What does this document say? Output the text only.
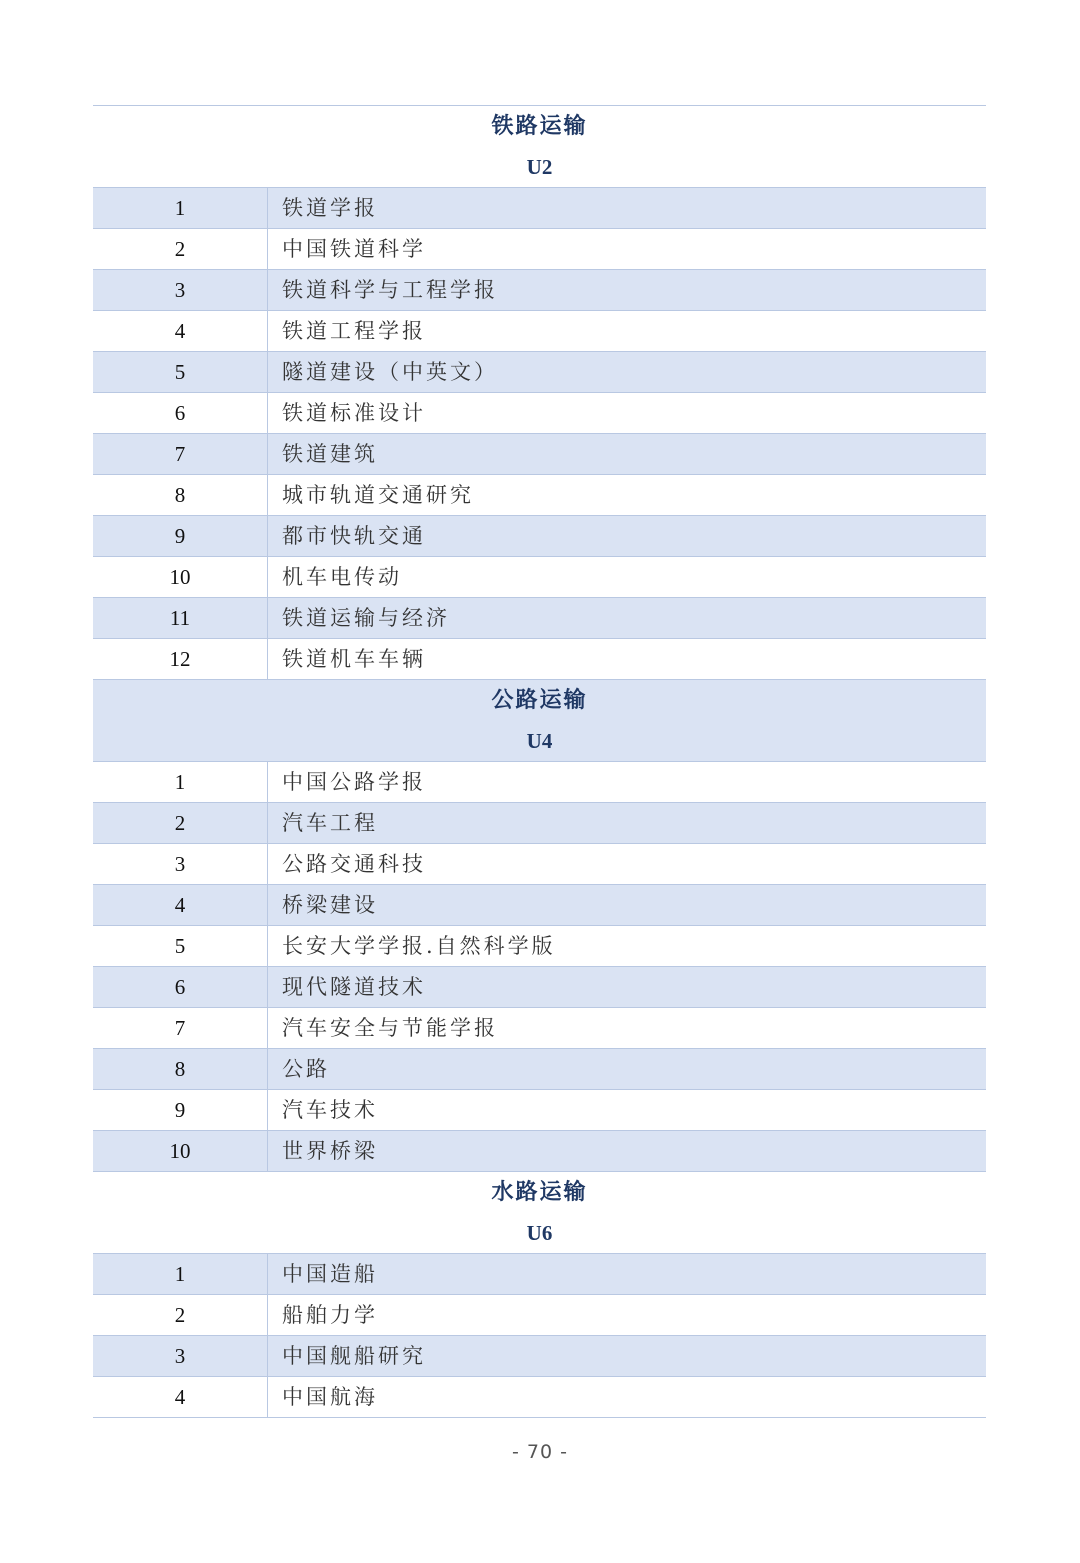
铁路运输
U2
1	铁道学报
2	中国铁道科学
3	铁道科学与工程学报
4	铁道工程学报
5	隧道建设（中英文）
6	铁道标准设计
7	铁道建筑
8	城市轨道交通研究
9	都市快轨交通
10	机车电传动
11	铁道运输与经济
12	铁道机车车辆
公路运输
U4
1	中国公路学报
2	汽车工程
3	公路交通科技
4	桥梁建设
5	长安大学学报.自然科学版
6	现代隧道技术
7	汽车安全与节能学报
8	公路
9	汽车技术
10	世界桥梁
水路运输
U6
1	中国造船
2	船舶力学
3	中国舰船研究
4	中国航海
- 70 -
